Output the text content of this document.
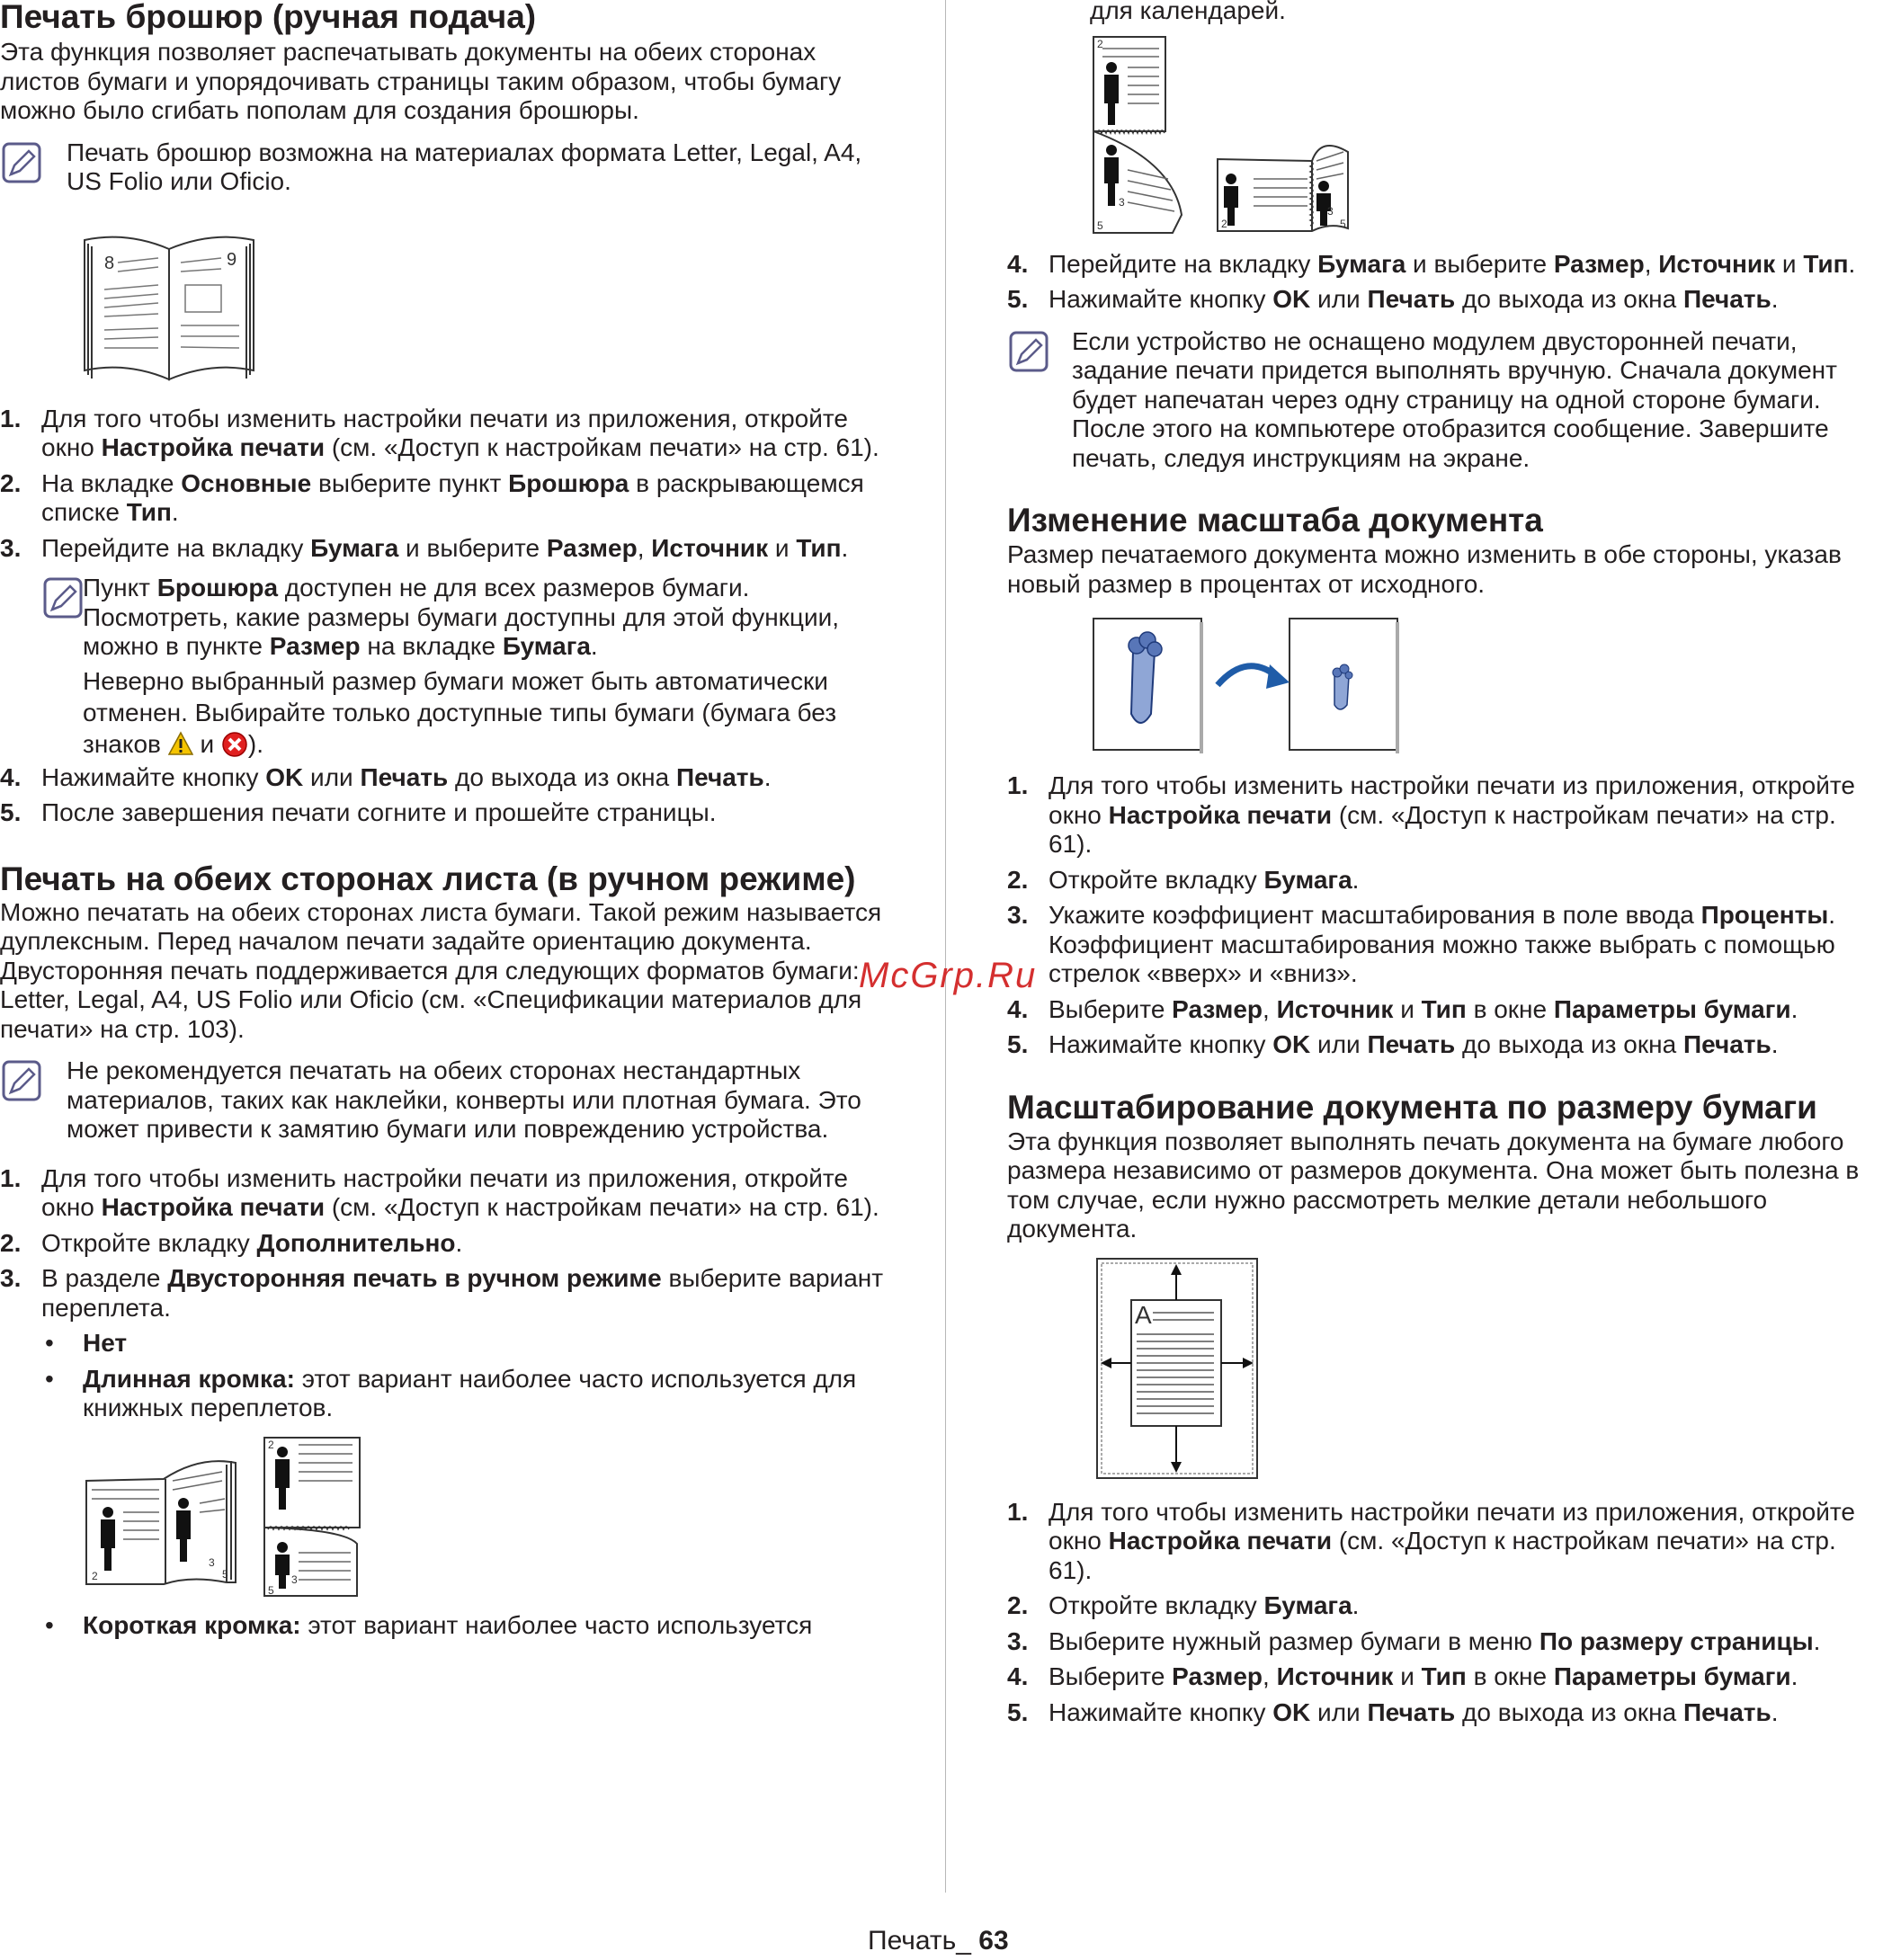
Печать брошюр (ручная подача)

Эта функция позволяет распечатывать документы на обеих сторонах листов бумаги и упорядочивать страницы таким образом, чтобы бумагу можно было сгибать пополам для создания брошюры.

Печать брошюр возможна на материалах формата Letter, Legal, A4, US Folio или Oficio.

8	9
1. Для того чтобы изменить настройки печати из приложения, откройте окно Настройка печати (см. «Доступ к настройкам печати» на стр. 61).
2. На вкладке Основные выберите пункт Брошюра в раскрывающемся списке Тип.
3. Перейдите на вкладку Бумага и выберите Размер, Источник и Тип.

Пункт Брошюра доступен не для всех размеров бумаги. Посмотреть, какие размеры бумаги доступны для этой функции, можно в пункте Размер на вкладке Бумага.

Неверно выбранный размер бумаги может быть автоматически отменен. Выбирайте только доступные типы бумаги (бумага без знаков  и ).

4. Нажимайте кнопку OK или Печать до выхода из окна Печать.
5. После завершения печати согните и прошейте страницы.
Печать на обеих сторонах листа (в ручном режиме)

Можно печатать на обеих сторонах листа бумаги. Такой режим называется дуплексным. Перед началом печати задайте ориентацию документа. Двусторонняя печать поддерживается для следующих форматов бумаги: Letter, Legal, A4, US Folio или Oficio (см. «Спецификации материалов для печати» на стр. 103).

Не рекомендуется печатать на обеих сторонах нестандартных материалов, таких как наклейки, конверты или плотная бумага. Это может привести к замятию бумаги или повреждению устройства.

1. Для того чтобы изменить настройки печати из приложения, откройте окно Настройка печати (см. «Доступ к настройкам печати» на стр. 61).
2. Откройте вкладку Дополнительно.
3. В разделе Двусторонняя печать в ручном режиме выберите вариант переплета.
• Нет
• Длинная кромка: этот вариант наиболее часто используется для книжных переплетов.
2
3
5
2
3
5
• Короткая кромка: этот вариант наиболее часто используется

для календарей.

2
3
5	2
3
5
4. Перейдите на вкладку Бумага и выберите Размер, Источник и Тип.
5. Нажимайте кнопку OK или Печать до выхода из окна Печать.

Если устройство не оснащено модулем двусторонней печати, задание печати придется выполнять вручную. Сначала документ будет напечатан через одну страницу на одной стороне бумаги. После этого на компьютере отобразится сообщение. Завершите печать, следуя инструкциям на экране.

Изменение масштаба документа

Размер печатаемого документа можно изменить в обе стороны, указав новый размер в процентах от исходного.

1. Для того чтобы изменить настройки печати из приложения, откройте окно Настройка печати (см. «Доступ к настройкам печати» на стр. 61).
2. Откройте вкладку Бумага.
3. Укажите коэффициент масштабирования в поле ввода Проценты. Коэффициент масштабирования можно также выбрать с помощью стрелок «вверх» и «вниз».
4. Выберите Размер, Источник и Тип в окне Параметры бумаги.
5. Нажимайте кнопку OK или Печать до выхода из окна Печать.
Масштабирование документа по размеру бумаги

Эта функция позволяет выполнять печать документа на бумаге любого размера независимо от размеров документа. Она может быть полезна в том случае, если нужно рассмотреть мелкие детали небольшого документа.

A
1. Для того чтобы изменить настройки печати из приложения, откройте окно Настройка печати (см. «Доступ к настройкам печати» на стр. 61).
2. Откройте вкладку Бумага.
3. Выберите нужный размер бумаги в меню По размеру страницы.
4. Выберите Размер, Источник и Тип в окне Параметры бумаги.
5. Нажимайте кнопку OK или Печать до выхода из окна Печать.
McGrp.Ru
Печать_ 63
